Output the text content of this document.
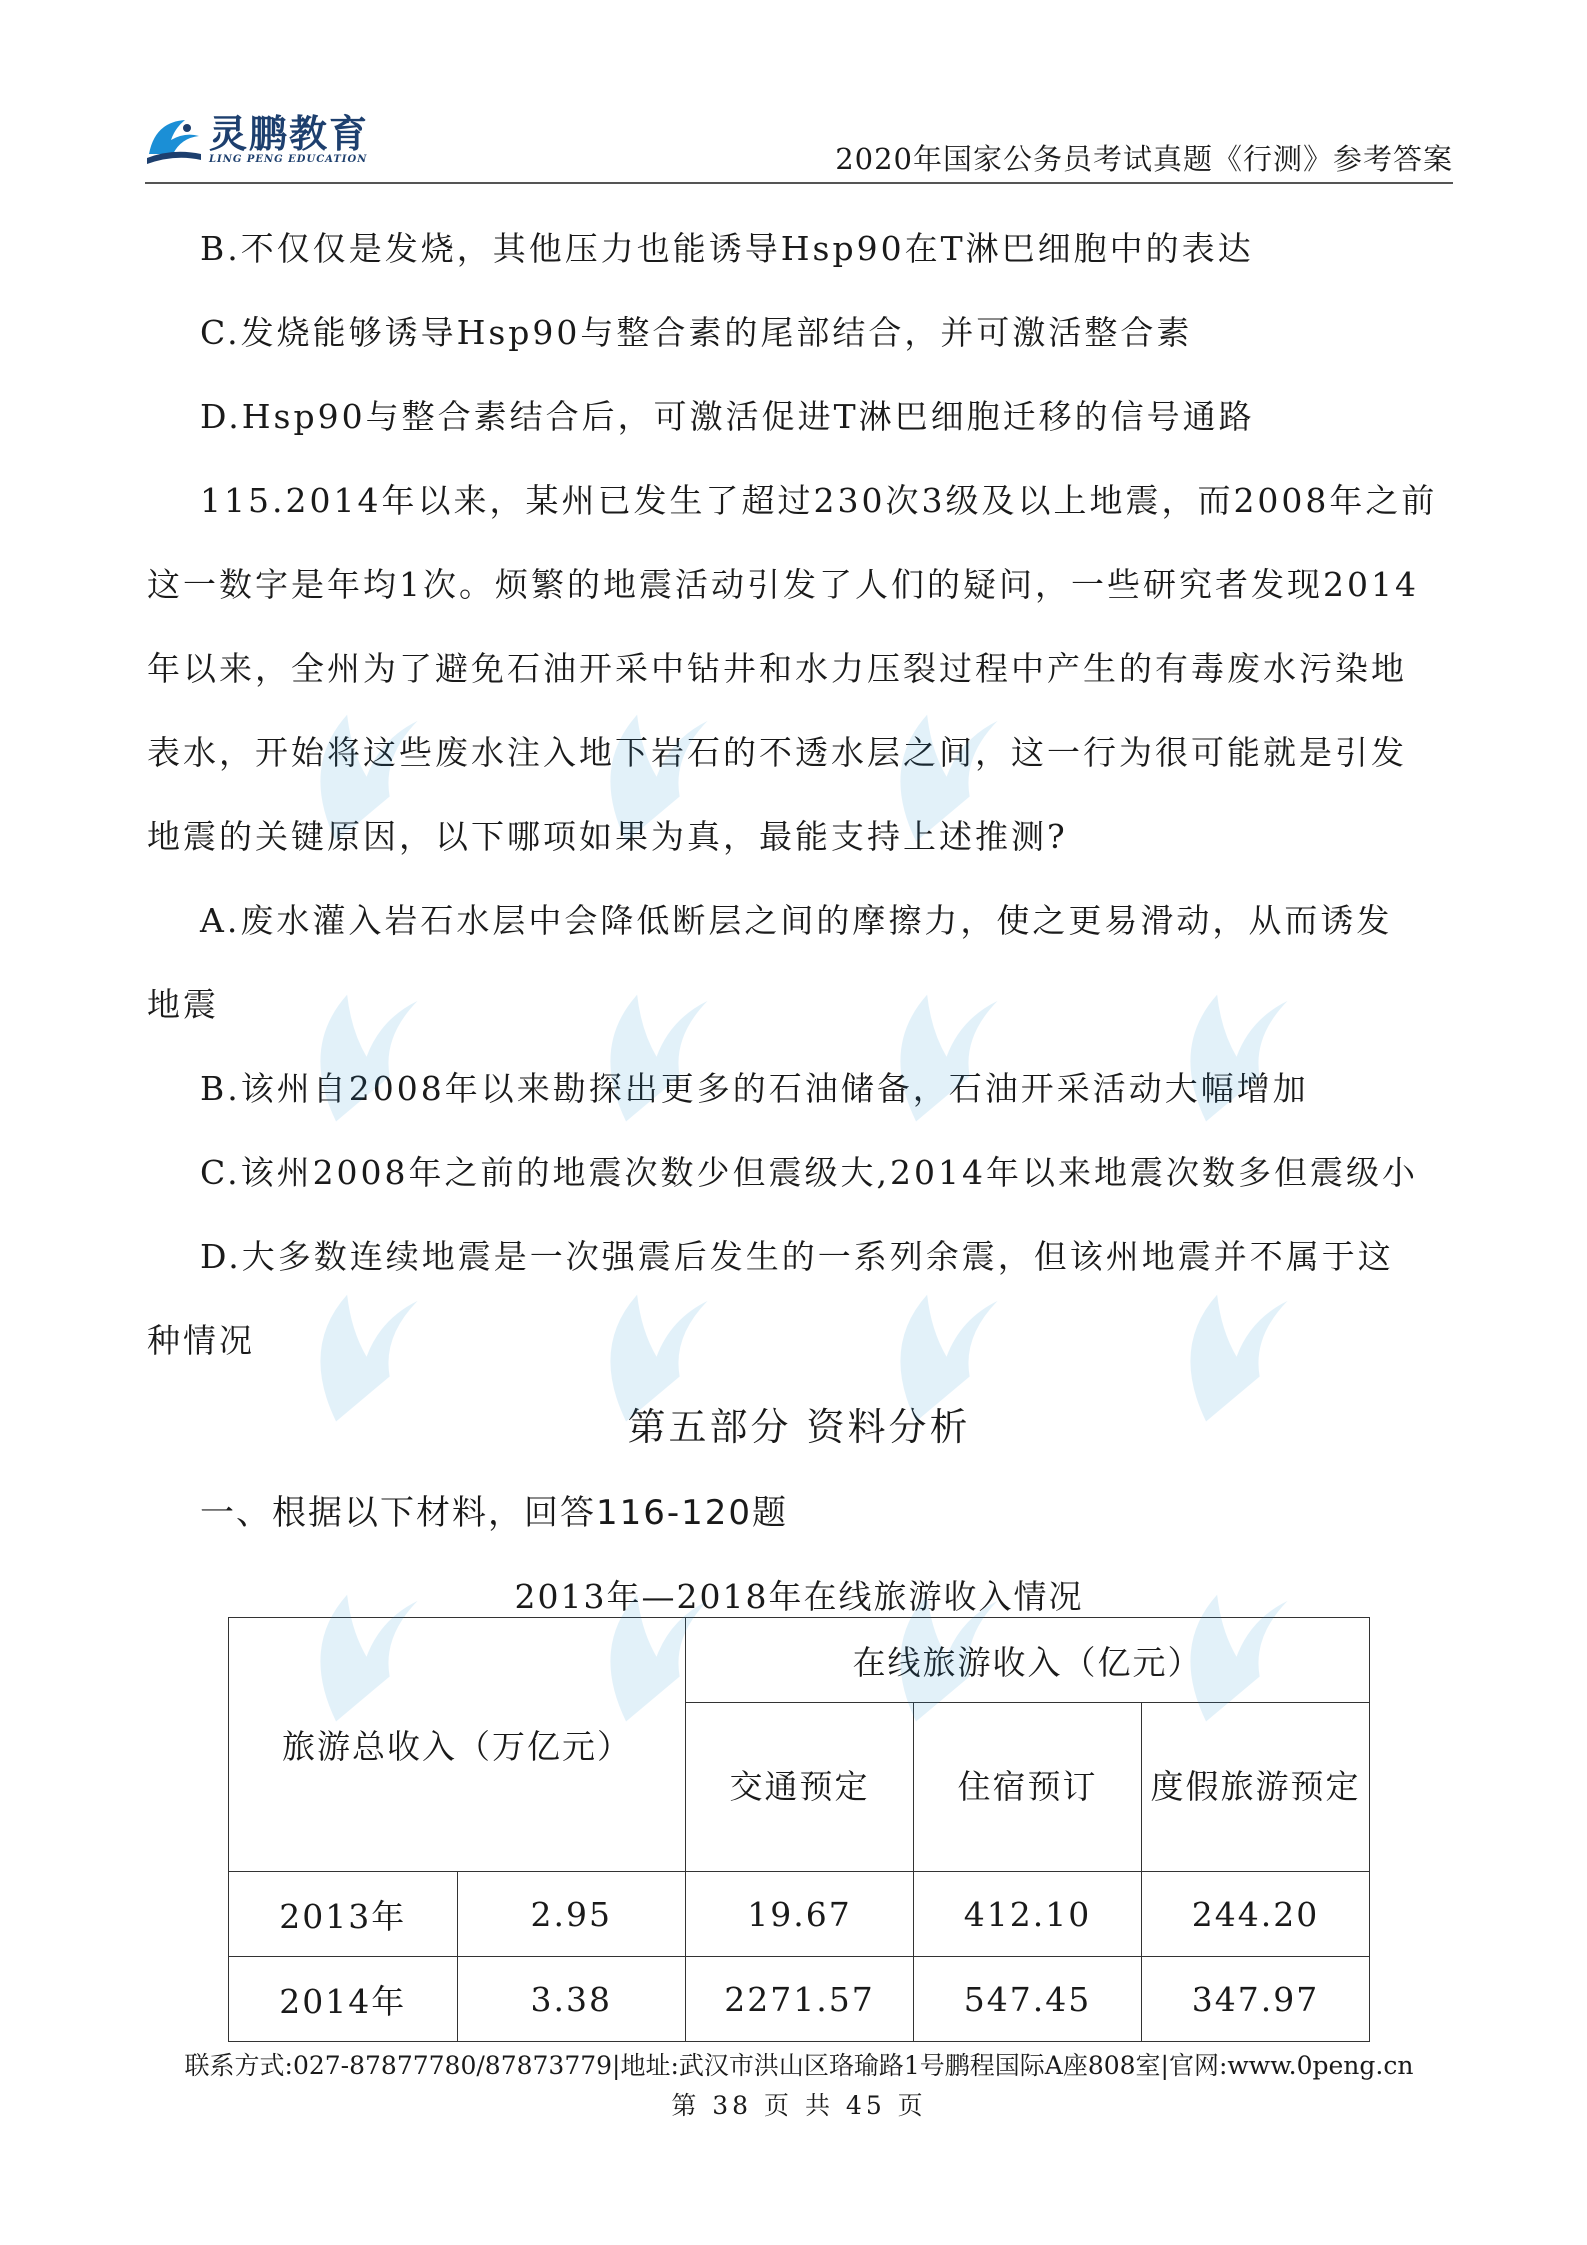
灵鹏教育
LING PENG EDUCATION	2020年国家公务员考试真题《行测》参考答案

B.不仅仅是发烧，其他压力也能诱导Hsp90在T淋巴细胞中的表达

C.发烧能够诱导Hsp90与整合素的尾部结合，并可激活整合素

D.Hsp90与整合素结合后，可激活促进T淋巴细胞迁移的信号通路

115.2014年以来，某州已发生了超过230次3级及以上地震，而2008年之前

这一数字是年均1次。烦繁的地震活动引发了人们的疑问，一些研究者发现2014

年以来，全州为了避免石油开采中钻井和水力压裂过程中产生的有毒废水污染地

表水，开始将这些废水注入地下岩石的不透水层之间，这一行为很可能就是引发

地震的关键原因，以下哪项如果为真，最能支持上述推测?

A.废水灌入岩石水层中会降低断层之间的摩擦力，使之更易滑动，从而诱发

地震

B.该州自2008年以来勘探出更多的石油储备，石油开采活动大幅增加

C.该州2008年之前的地震次数少但震级大,2014年以来地震次数多但震级小

D.大多数连续地震是一次强震后发生的一系列余震，但该州地震并不属于这

种情况

第五部分 资料分析

一、根据以下材料，回答116-120题

2013年—2018年在线旅游收入情况

旅游总收入（万亿元）		在线旅游收入（亿元）		
		交通预定	住宿预订	度假旅游预定
2013年	2.95	19.67	412.10	244.20
2014年	3.38	2271.57	547.45	347.97
联系方式:027-87877780/87873779|地址:武汉市洪山区珞瑜路1号鹏程国际A座808室|官网:www.0peng.cn
第 38 页 共 45 页
